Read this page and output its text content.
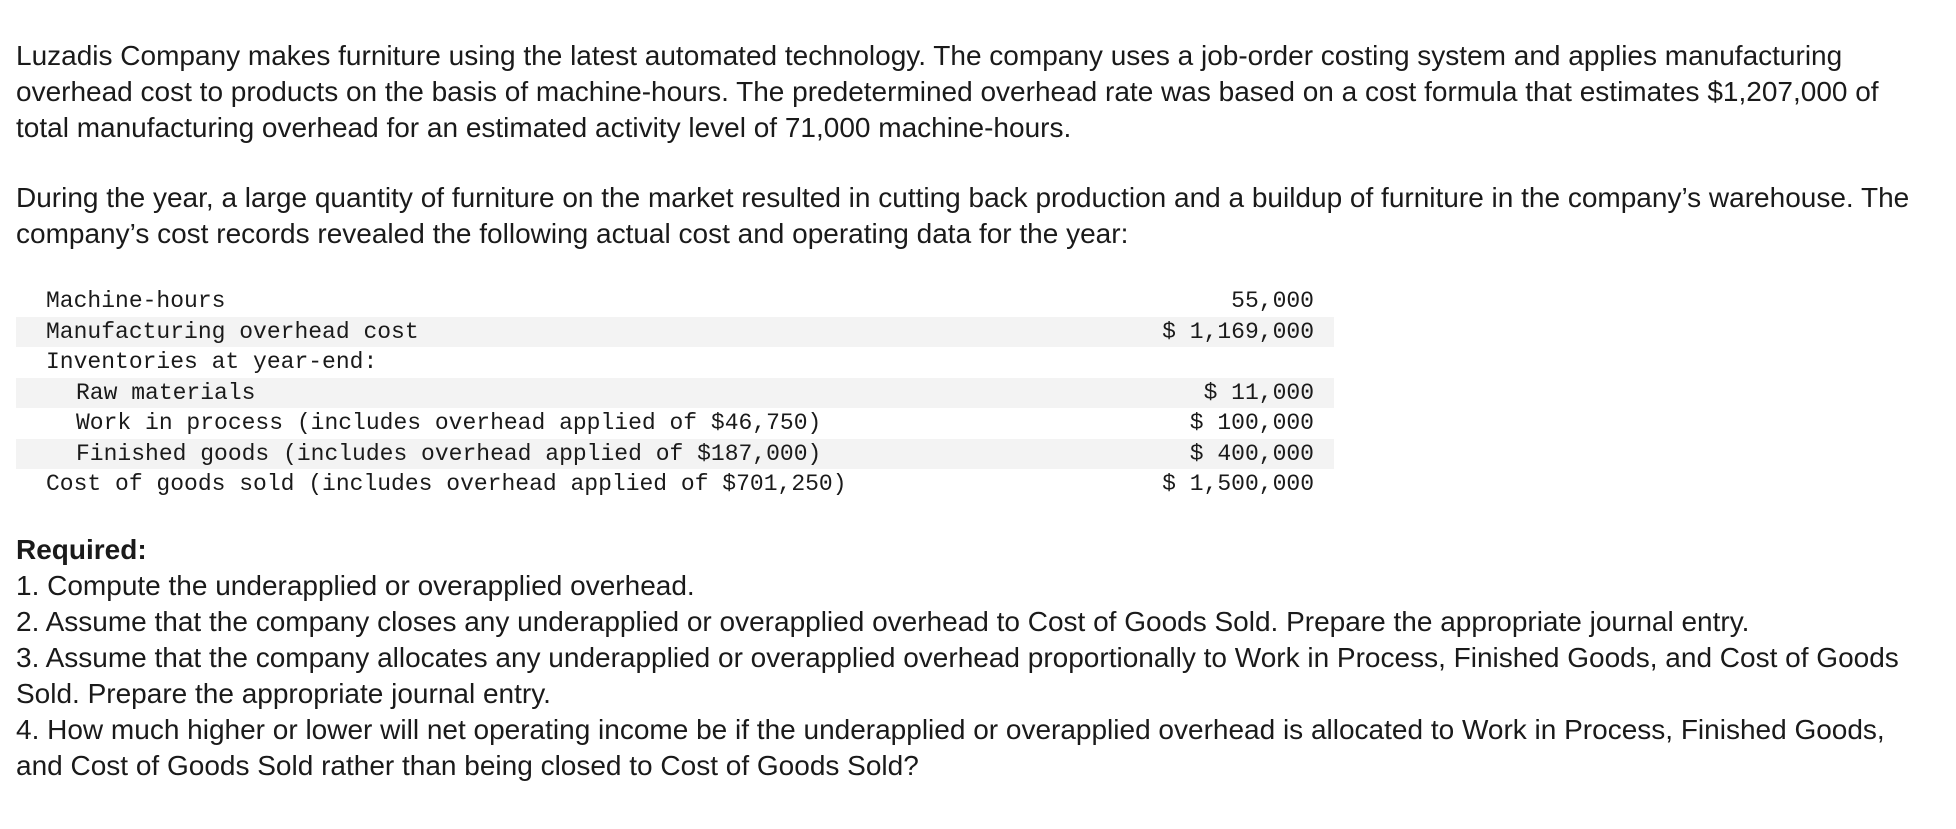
Luzadis Company makes furniture using the latest automated technology. The company uses a job-order costing system and applies manufacturing overhead cost to products on the basis of machine-hours. The predetermined overhead rate was based on a cost formula that estimates $1,207,000 of total manufacturing overhead for an estimated activity level of 71,000 machine-hours.

During the year, a large quantity of furniture on the market resulted in cutting back production and a buildup of furniture in the company’s warehouse. The company’s cost records revealed the following actual cost and operating data for the year:

Machine-hours	55,000
Manufacturing overhead cost	$ 1,169,000
Inventories at year-end:	
Raw materials	$ 11,000
Work in process (includes overhead applied of $46,750)	$ 100,000
Finished goods (includes overhead applied of $187,000)	$ 400,000
Cost of goods sold (includes overhead applied of $701,250)	$ 1,500,000
Required:
1. Compute the underapplied or overapplied overhead.
2. Assume that the company closes any underapplied or overapplied overhead to Cost of Goods Sold. Prepare the appropriate journal entry.
3. Assume that the company allocates any underapplied or overapplied overhead proportionally to Work in Process, Finished Goods, and Cost of Goods Sold. Prepare the appropriate journal entry.
4. How much higher or lower will net operating income be if the underapplied or overapplied overhead is allocated to Work in Process, Finished Goods, and Cost of Goods Sold rather than being closed to Cost of Goods Sold?
